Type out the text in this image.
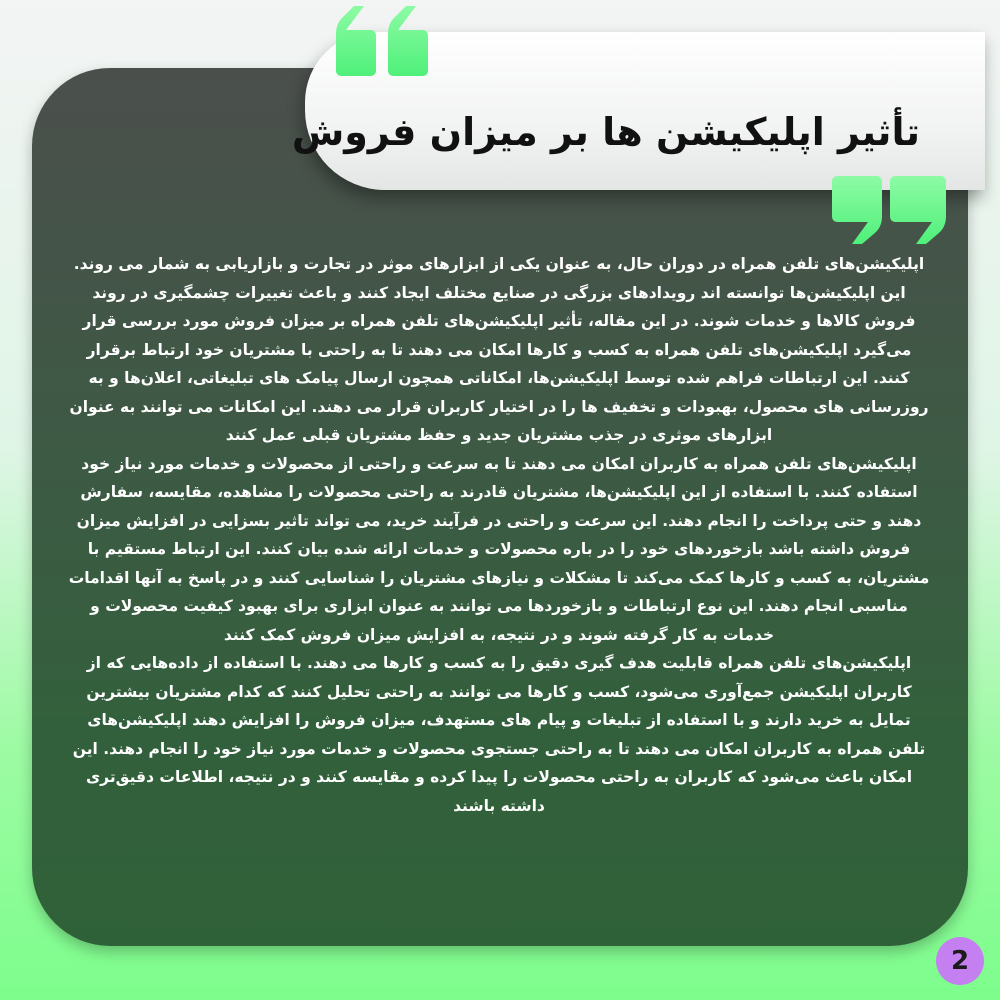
تأثیر اپلیکیشن ها بر میزان فروش

اپلیکیشن‌های تلفن همراه در دوران حال، به عنوان یکی از ابزارهای موثر در تجارت و بازاریابی به شمار می روند. این اپلیکیشن‌ها توانسته اند رویدادهای بزرگی در صنایع مختلف ایجاد کنند و باعث تغییرات چشمگیری در روند فروش کالاها و خدمات شوند. در این مقاله، تأثیر اپلیکیشن‌های تلفن همراه بر میزان فروش مورد بررسی قرار می‌گیرد اپلیکیشن‌های تلفن همراه به کسب و کارها امکان می دهند تا به راحتی با مشتریان خود ارتباط برقرار کنند. این ارتباطات فراهم شده توسط اپلیکیشن‌ها، امکاناتی همچون ارسال پیامک های تبلیغاتی، اعلان‌ها و به روزرسانی های محصول، بهبودات و تخفیف ها را در اختیار کاربران قرار می دهند. این امکانات می توانند به عنوان ابزارهای موثری در جذب مشتریان جدید و حفظ مشتریان قبلی عمل کنند

اپلیکیشن‌های تلفن همراه به کاربران امکان می دهند تا به سرعت و راحتی از محصولات و خدمات مورد نیاز خود استفاده کنند. با استفاده از این اپلیکیشن‌ها، مشتریان قادرند به راحتی محصولات را مشاهده، مقایسه، سفارش دهند و حتی پرداخت را انجام دهند. این سرعت و راحتی در فرآیند خرید، می تواند تاثیر بسزایی در افزایش میزان فروش داشته باشد بازخوردهای خود را در باره محصولات و خدمات ارائه شده بیان کنند. این ارتباط مستقیم با مشتریان، به کسب و کارها کمک می‌کند تا مشکلات و نیازهای مشتریان را شناسایی کنند و در پاسخ به آنها اقدامات مناسبی انجام دهند. این نوع ارتباطات و بازخوردها می توانند به عنوان ابزاری برای بهبود کیفیت محصولات و خدمات به کار گرفته شوند و در نتیجه، به افزایش میزان فروش کمک کنند

اپلیکیشن‌های تلفن همراه قابلیت هدف گیری دقیق را به کسب و کارها می دهند. با استفاده از داده‌هایی که از کاربران اپلیکیشن جمع‌آوری می‌شود، کسب و کارها می توانند به راحتی تحلیل کنند که کدام مشتریان بیشترین تمایل به خرید دارند و با استفاده از تبلیغات و پیام های مستهدف، میزان فروش را افزایش دهند اپلیکیشن‌های تلفن همراه به کاربران امکان می دهند تا به راحتی جستجوی محصولات و خدمات مورد نیاز خود را انجام دهند. این امکان باعث می‌شود که کاربران به راحتی محصولات را پیدا کرده و مقایسه کنند و در نتیجه، اطلاعات دقیق‌تری داشته باشند

2
